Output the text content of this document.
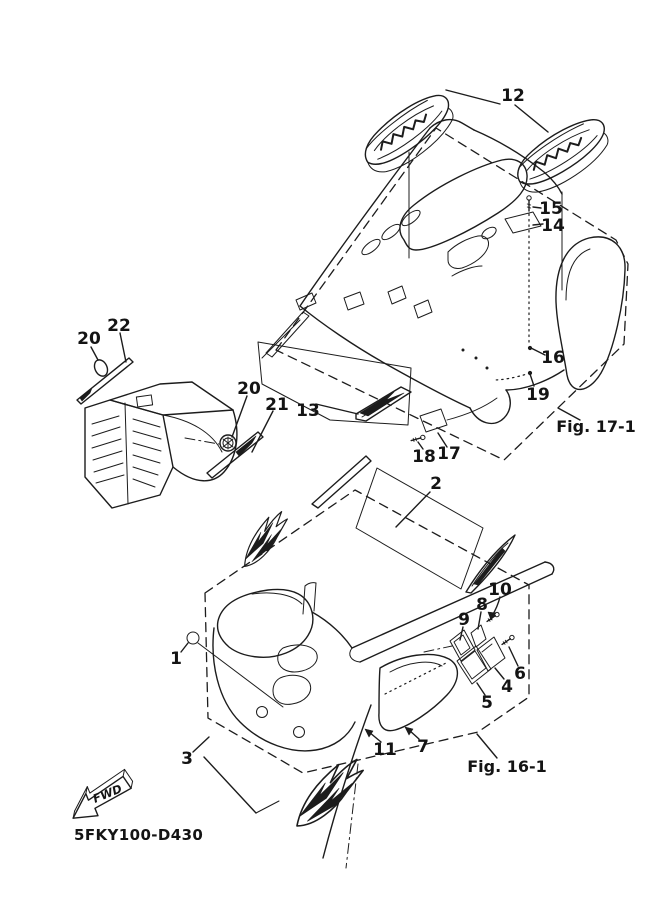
12
15
14
16
19
13
18 17
20
22
20
21
2
10
8
9
6
4
5
1
3	11 7
Fig. 17-1
Fig. 16-1
FWD
5FKY100-D430
